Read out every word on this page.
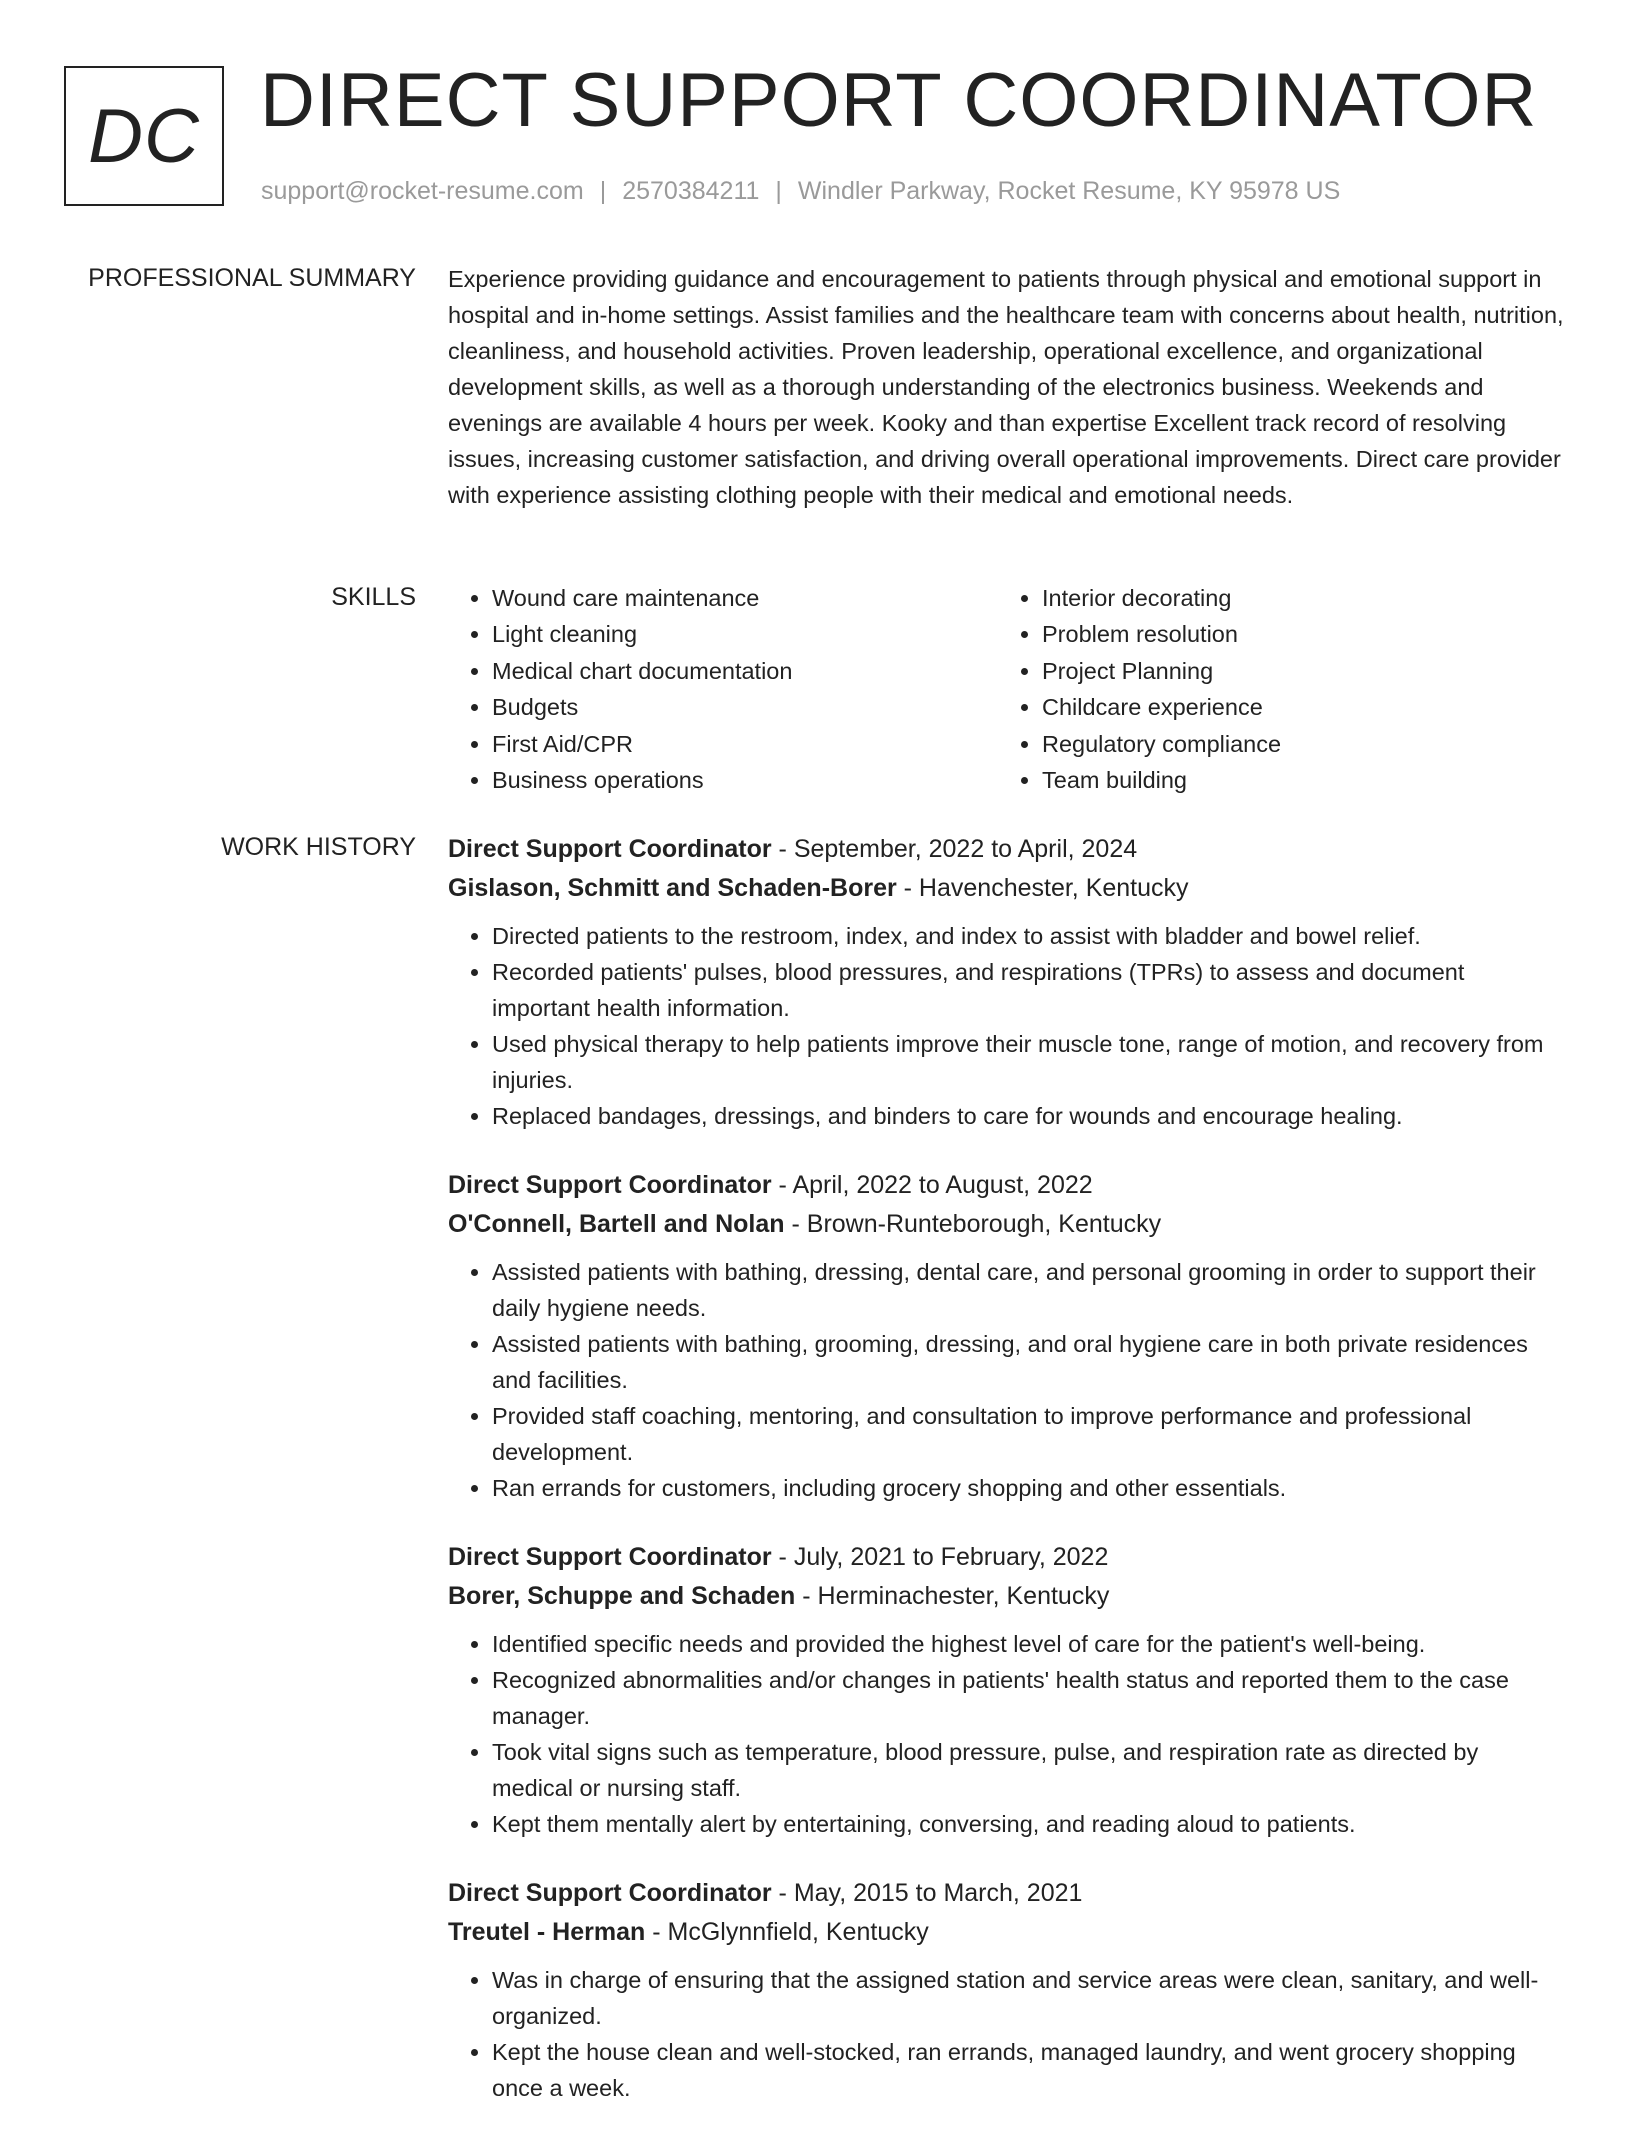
DC DIRECT SUPPORT COORDINATOR
support@rocket-resume.com | 2570384211 | Windler Parkway, Rocket Resume, KY 95978 US
PROFESSIONAL SUMMARY Experience providing guidance and encouragement to patients through physical and emotional support in hospital and in-home settings. Assist families and the healthcare team with concerns about health, nutrition, cleanliness, and household activities. Proven leadership, operational excellence, and organizational development skills, as well as a thorough understanding of the electronics business. Weekends and evenings are available 4 hours per week. Kooky and than expertise Excellent track record of resolving issues, increasing customer satisfaction, and driving overall operational improvements. Direct care provider with experience assisting clothing people with their medical and emotional needs.

SKILLS
•	Wound care maintenance
• Light cleaning
• Medical chart documentation
• Budgets
• First Aid/CPR
• Business operations
• Interior decorating
• Problem resolution
• Project Planning
• Childcare experience
• Regulatory compliance
• Team building
WORK HISTORY Direct Support Coordinator - September, 2022 to April, 2024
Gislason, Schmitt and Schaden-Borer - Havenchester, Kentucky
• Directed patients to the restroom, index, and index to assist with bladder and bowel relief.
• Recorded patients' pulses, blood pressures, and respirations (TPRs) to assess and document important health information.
• Used physical therapy to help patients improve their muscle tone, range of motion, and recovery from injuries.
• Replaced bandages, dressings, and binders to care for wounds and encourage healing.
Direct Support Coordinator - April, 2022 to August, 2022
O'Connell, Bartell and Nolan - Brown-Runteborough, Kentucky
• Assisted patients with bathing, dressing, dental care, and personal grooming in order to support their daily hygiene needs.
• Assisted patients with bathing, grooming, dressing, and oral hygiene care in both private residences and facilities.
• Provided staff coaching, mentoring, and consultation to improve performance and professional development.
• Ran errands for customers, including grocery shopping and other essentials.
Direct Support Coordinator - July, 2021 to February, 2022
Borer, Schuppe and Schaden - Herminachester, Kentucky
• Identified specific needs and provided the highest level of care for the patient's well-being.
• Recognized abnormalities and/or changes in patients' health status and reported them to the case manager.
• Took vital signs such as temperature, blood pressure, pulse, and respiration rate as directed by medical or nursing staff.
• Kept them mentally alert by entertaining, conversing, and reading aloud to patients.
Direct Support Coordinator - May, 2015 to March, 2021
Treutel - Herman - McGlynnfield, Kentucky
• Was in charge of ensuring that the assigned station and service areas were clean, sanitary, and well-organized.
• Kept the house clean and well-stocked, ran errands, managed laundry, and went grocery shopping once a week.
